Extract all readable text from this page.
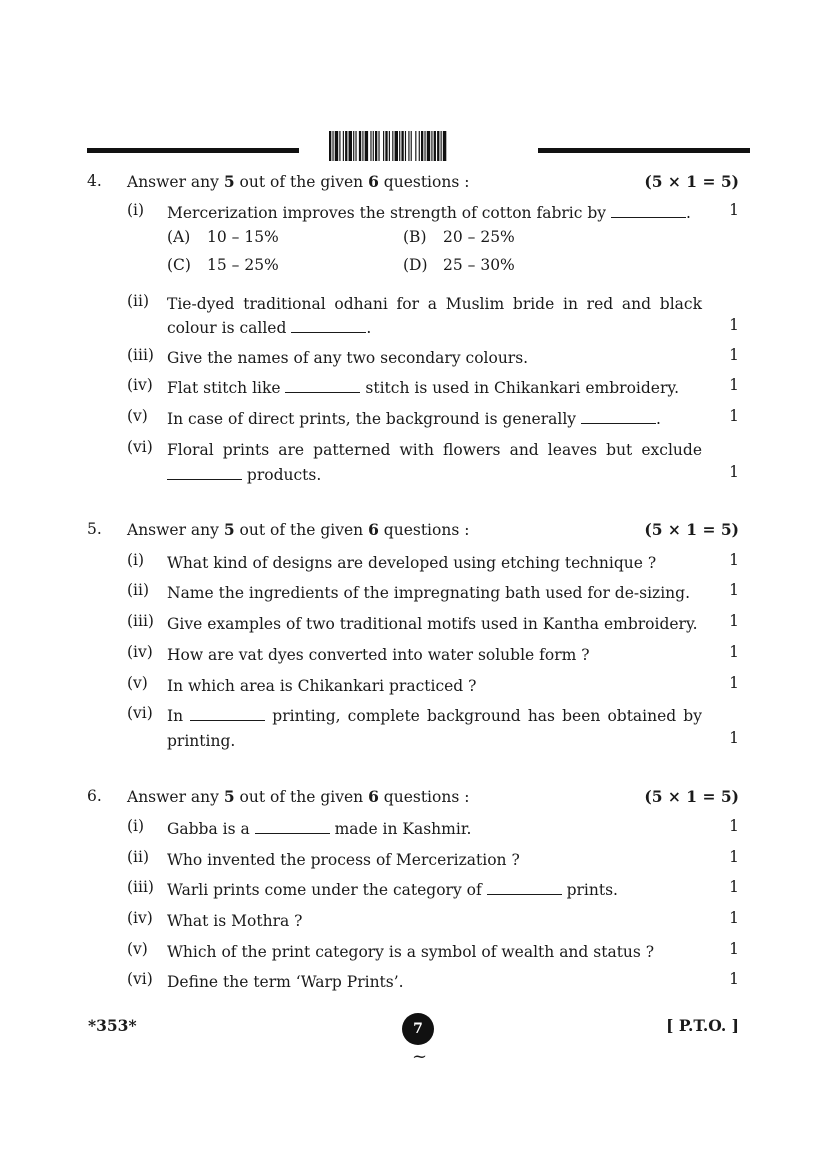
4. Answer any 5 out of the given 6 questions :	(5 × 1 = 5)
(i) Mercerization improves the strength of cotton fabric by	.	1
(A) 10 – 15%	(B) 20 – 25%
(C) 15 – 25%	(D) 25 – 30%
(ii) Tie-dyed traditional odhani for a Muslim bride in red and black
colour is called	.	1
(iii) Give the names of any two secondary colours.	1
(iv) Flat stitch like	stitch is used in Chikankari embroidery.	1
(v) In case of direct prints, the background is generally	.	1
(vi) Floral prints are patterned with flowers and leaves but exclude
products.	1
5. Answer any 5 out of the given 6 questions :	(5 × 1 = 5)
(i) What kind of designs are developed using etching technique ?	1
(ii) Name the ingredients of the impregnating bath used for de-sizing.	1
(iii) Give examples of two traditional motifs used in Kantha embroidery.	1
(iv) How are vat dyes converted into water soluble form ?	1
(v) In which area is Chikankari practiced ?	1
(vi) In	printing, complete background has been obtained by
printing.	1
6. Answer any 5 out of the given 6 questions :	(5 × 1 = 5)
(i) Gabba is a	made in Kashmir.	1
(ii) Who invented the process of Mercerization ?	1
(iii) Warli prints come under the category of	prints.	1
(iv) What is Mothra ?	1
(v) Which of the print category is a symbol of wealth and status ?	1
(vi) Define the term ‘Warp Prints’.	1
*353*	7
~
[ P.T.O. ]
